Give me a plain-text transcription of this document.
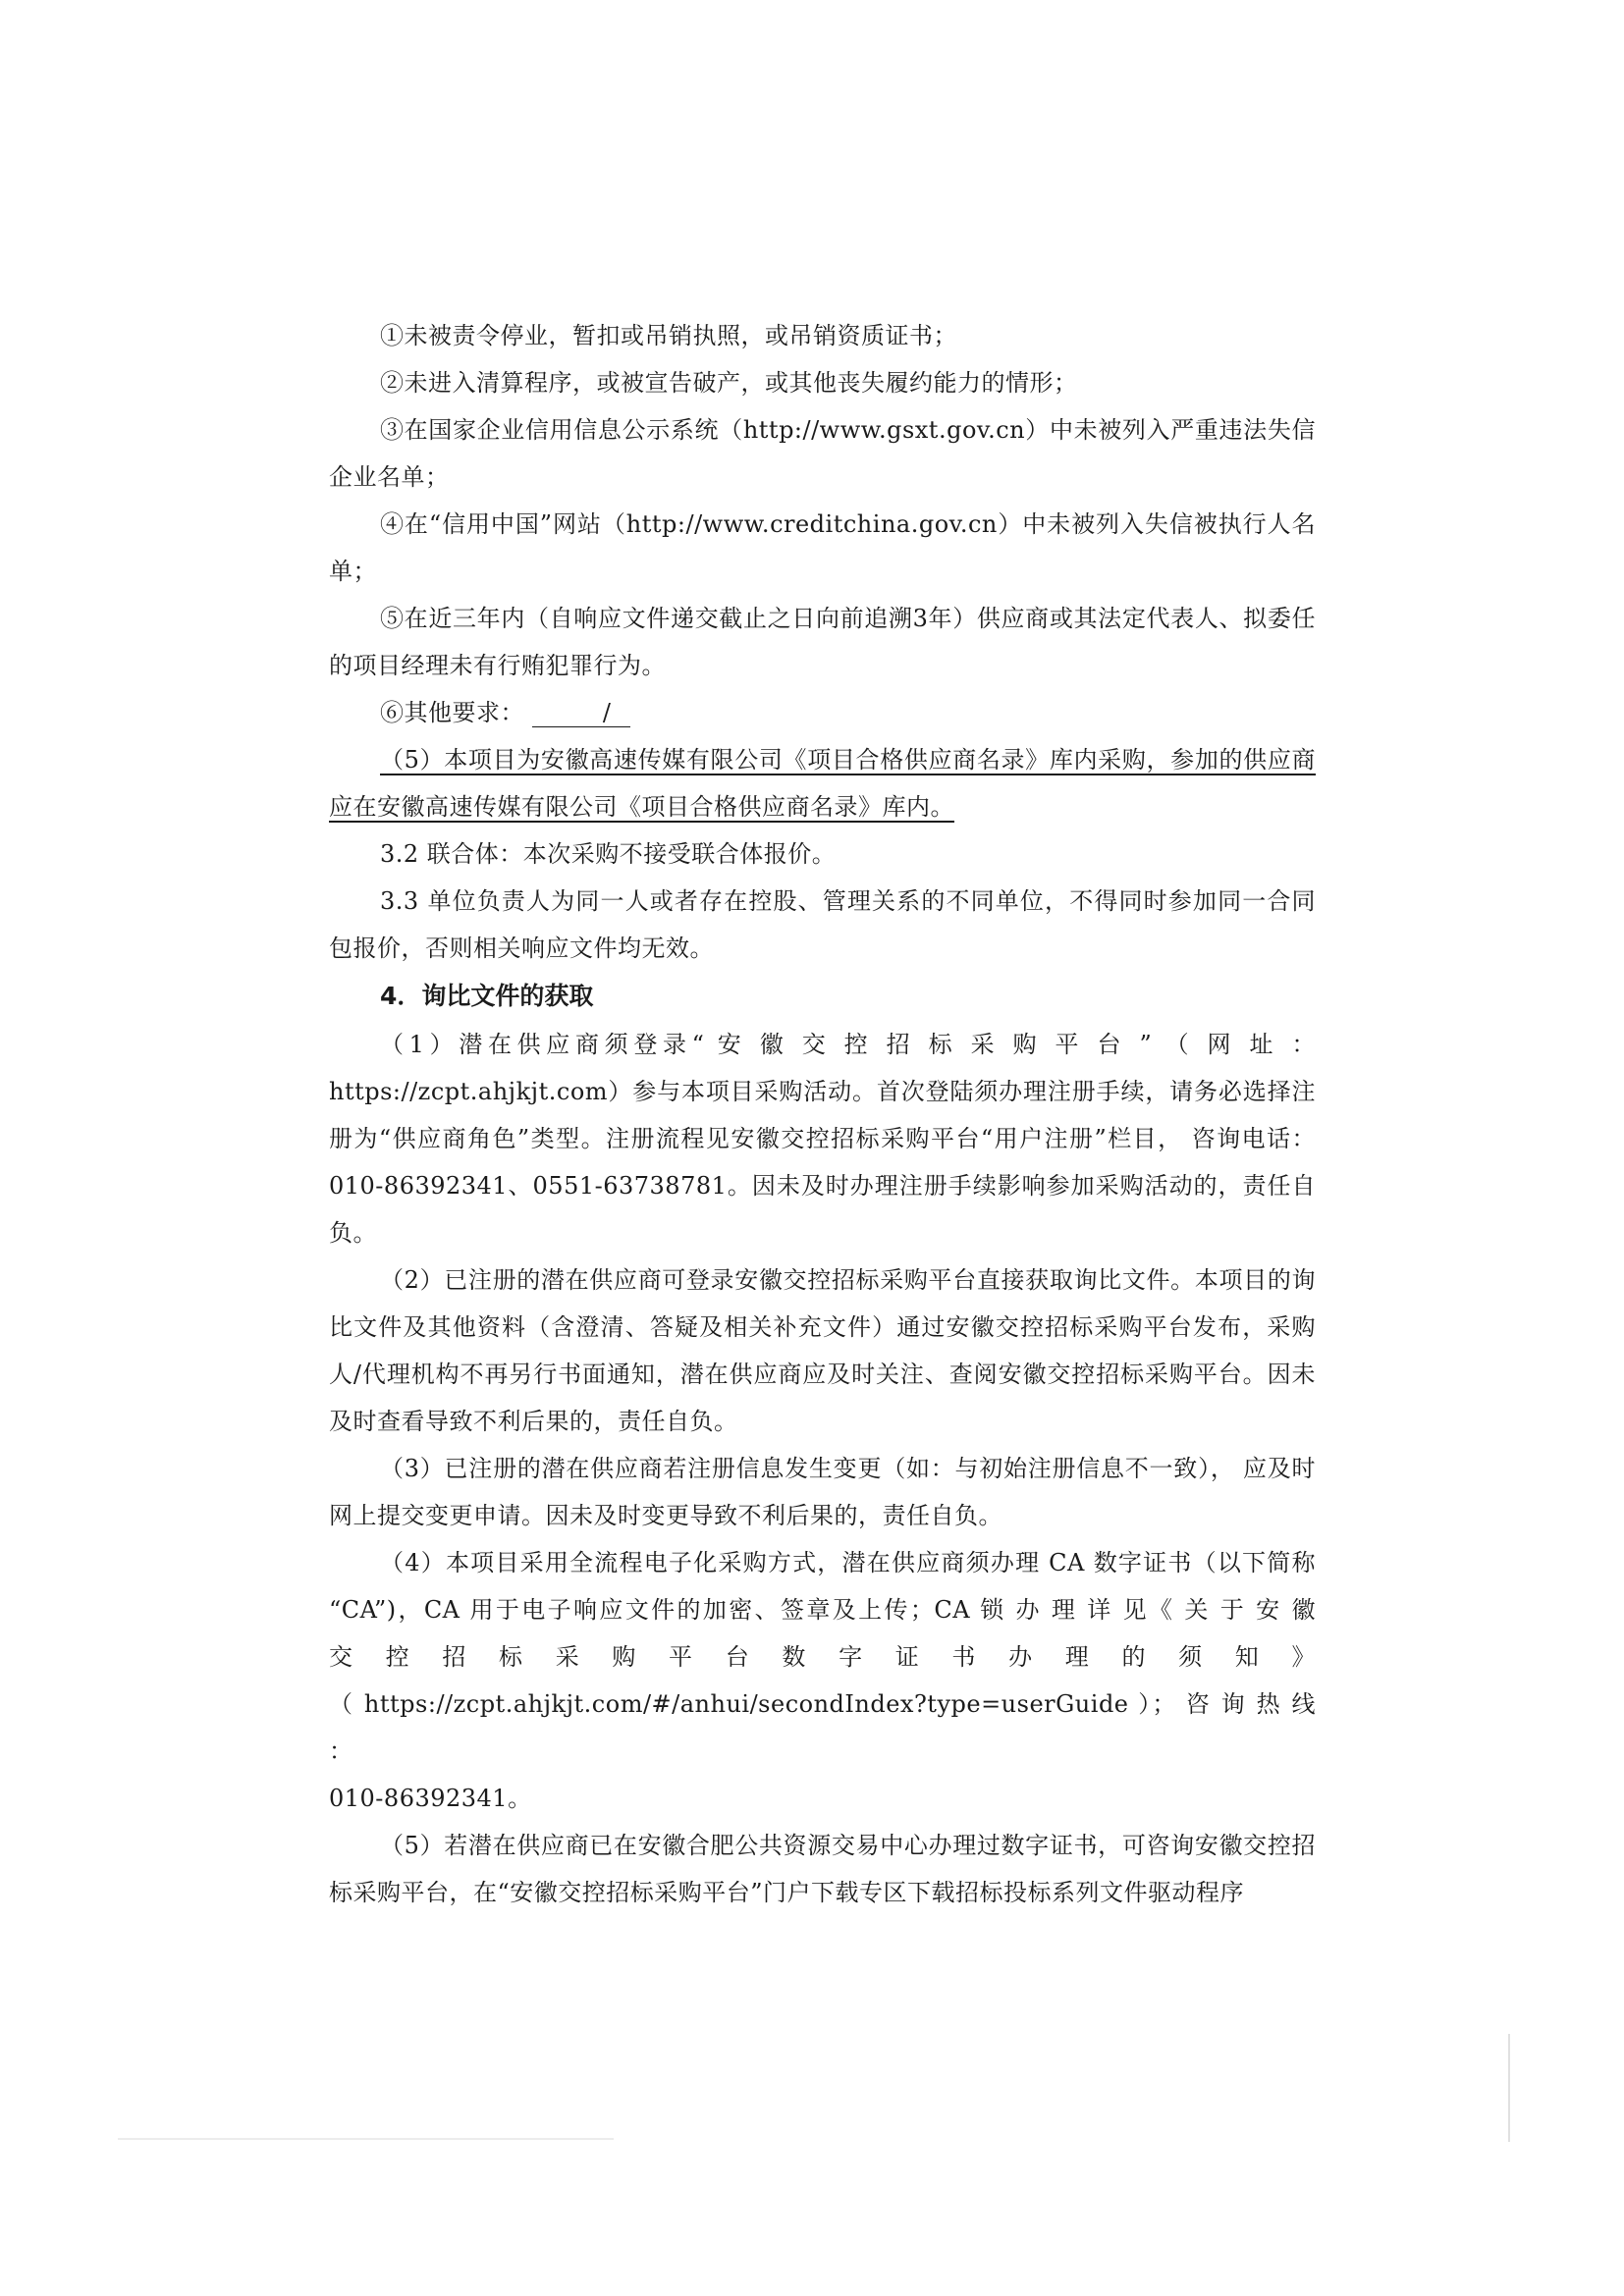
①未被责令停业，暂扣或吊销执照，或吊销资质证书；

②未进入清算程序，或被宣告破产，或其他丧失履约能力的情形；

③在国家企业信用信息公示系统（http://www.gsxt.gov.cn）中未被列入严重违法失信企业名单；

④在“信用中国”网站（http://www.creditchina.gov.cn）中未被列入失信被执行人名单；

⑤在近三年内（自响应文件递交截止之日向前追溯3年）供应商或其法定代表人、拟委任的项目经理未有行贿犯罪行为。

⑥其他要求：	/

（5）本项目为安徽高速传媒有限公司《项目合格供应商名录》库内采购，参加的供应商应在安徽高速传媒有限公司《项目合格供应商名录》库内。

3.2 联合体：本次采购不接受联合体报价。

3.3 单位负责人为同一人或者存在控股、管理关系的不同单位，不得同时参加同一合同包报价，否则相关响应文件均无效。

4．询比文件的获取

（1）潜在供应商须登录“ 安 徽 交 控 招 标 采 购 平 台 ” （ 网 址 ：

https://zcpt.ahjkjt.com）参与本项目采购活动。首次登陆须办理注册手续，请务必选择注册为“供应商角色”类型。注册流程见安徽交控招标采购平台“用户注册”栏目， 咨询电话：010-86392341、0551-63738781。因未及时办理注册手续影响参加采购活动的，责任自负。

（2）已注册的潜在供应商可登录安徽交控招标采购平台直接获取询比文件。本项目的询比文件及其他资料（含澄清、答疑及相关补充文件）通过安徽交控招标采购平台发布，采购人/代理机构不再另行书面通知，潜在供应商应及时关注、查阅安徽交控招标采购平台。因未及时查看导致不利后果的，责任自负。

（3）已注册的潜在供应商若注册信息发生变更（如：与初始注册信息不一致）， 应及时网上提交变更申请。因未及时变更导致不利后果的，责任自负。

（4）本项目采用全流程电子化采购方式，潜在供应商须办理 CA 数字证书（以下简称

“CA”)，CA 用于电子响应文件的加密、签章及上传；CA 锁 办 理 详 见《 关 于 安 徽

交 控 招 标 采 购 平 台 数 字 证 书 办 理 的 须 知 》

（ https://zcpt.ahjkjt.com/#/anhui/secondIndex?type=userGuide ）； 咨 询 热 线 ：

010-86392341。

（5）若潜在供应商已在安徽合肥公共资源交易中心办理过数字证书，可咨询安徽交控招标采购平台，在“安徽交控招标采购平台”门户下载专区下载招标投标系列文件驱动程序
